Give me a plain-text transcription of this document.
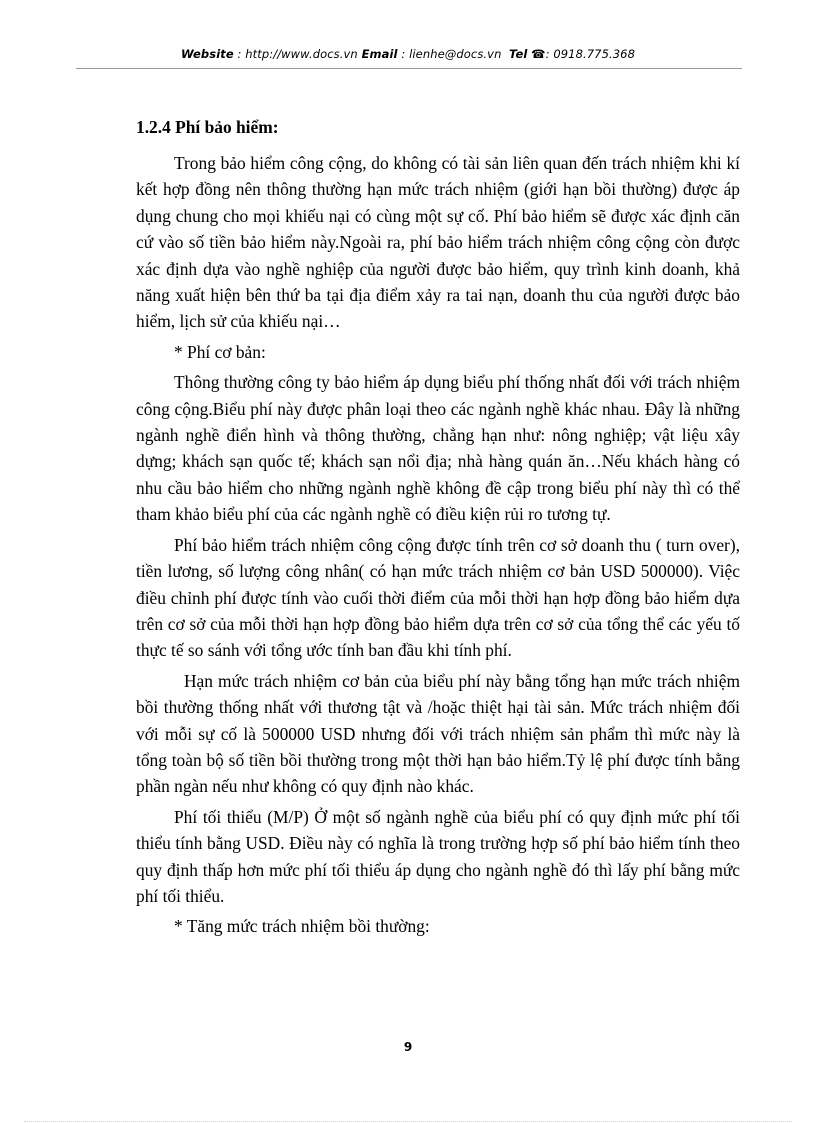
Website : http://www.docs.vn Email : lienhe@docs.vn Tel ☎: 0918.775.368
1.2.4 Phí bảo hiểm:

Trong bảo hiểm công cộng, do không có tài sản liên quan đến trách nhiệm khi kí kết hợp đồng nên thông thường hạn mức trách nhiệm (giới hạn bồi thường) được áp dụng chung cho mọi khiếu nại có cùng một sự cố. Phí bảo hiểm sẽ được xác định căn cứ vào số tiền bảo hiểm này.Ngoài ra, phí bảo hiểm trách nhiệm công cộng còn được xác định dựa vào nghề nghiệp của người được bảo hiểm, quy trình kinh doanh, khả năng xuất hiện bên thứ ba tại địa điểm xảy ra tai nạn, doanh thu của người được bảo hiểm, lịch sử của khiếu nại…

* Phí cơ bản:

Thông thường công ty bảo hiểm áp dụng biểu phí thống nhất đối với trách nhiệm công cộng.Biểu phí này được phân loại theo các ngành nghề khác nhau. Đây là những ngành nghề điển hình và thông thường, chẳng hạn như: nông nghiệp; vật liệu xây dựng; khách sạn quốc tế; khách sạn nổi địa; nhà hàng quán ăn…Nếu khách hàng có nhu cầu bảo hiểm cho những ngành nghề không đề cập trong biểu phí này thì có thể tham khảo biểu phí của các ngành nghề có điều kiện rủi ro tương tự.

Phí bảo hiểm trách nhiệm công cộng được tính trên cơ sở doanh thu ( turn over), tiền lương, số lượng công nhân( có hạn mức trách nhiệm cơ bản USD 500000). Việc điều chỉnh phí được tính vào cuối thời điểm của mỗi thời hạn hợp đồng bảo hiểm dựa trên cơ sở của mỗi thời hạn hợp đồng bảo hiểm dựa trên cơ sở của tổng thể các yếu tố thực tế so sánh với tổng ước tính ban đầu khi tính phí.

Hạn mức trách nhiệm cơ bản của biểu phí này bằng tổng hạn mức trách nhiệm bồi thường thống nhất với thương tật và /hoặc thiệt hại tài sản. Mức trách nhiệm đối với mỗi sự cố là 500000 USD nhưng đối với trách nhiệm sản phẩm thì mức này là tổng toàn bộ số tiền bồi thường trong một thời hạn bảo hiểm.Tỷ lệ phí được tính bằng phần ngàn nếu như không có quy định nào khác.

Phí tối thiểu (M/P) Ở một số ngành nghề của biểu phí có quy định mức phí tối thiểu tính bằng USD. Điều này có nghĩa là trong trường hợp số phí bảo hiểm tính theo quy định thấp hơn mức phí tối thiểu áp dụng cho ngành nghề đó thì lấy phí bằng mức phí tối thiểu.

* Tăng mức trách nhiệm bồi thường:

9
